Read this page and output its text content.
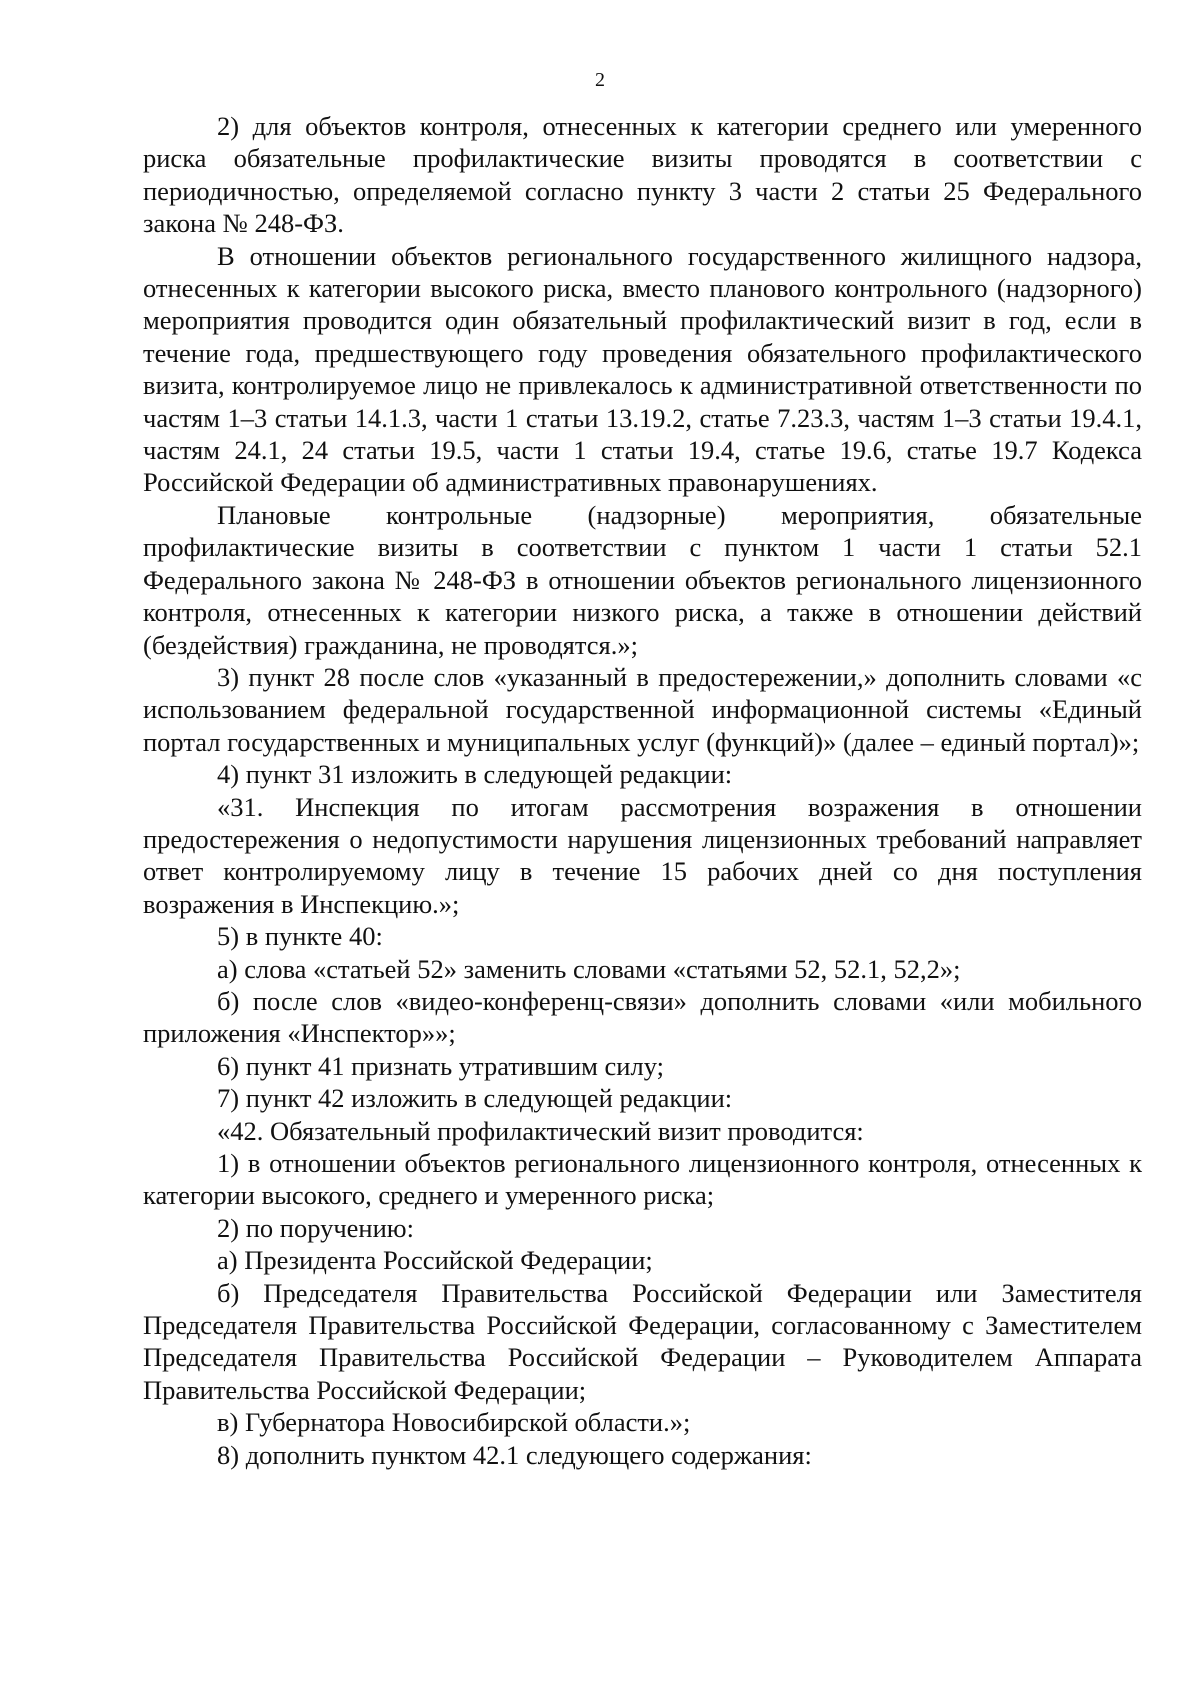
2

2) для объектов контроля, отнесенных к категории среднего или умеренного риска обязательные профилактические визиты проводятся в соответствии с периодичностью, определяемой согласно пункту 3 части 2 статьи 25 Федерального закона № 248-ФЗ.

В отношении объектов регионального государственного жилищного надзора, отнесенных к категории высокого риска, вместо планового контрольного (надзорного) мероприятия проводится один обязательный профилактический визит в год, если в течение года, предшествующего году проведения обязательного профилактического визита, контролируемое лицо не привлекалось к административной ответственности по частям 1–3 статьи 14.1.3, части 1 статьи 13.19.2, статье 7.23.3, частям 1–3 статьи 19.4.1, частям 24.1, 24 статьи 19.5, части 1 статьи 19.4, статье 19.6, статье 19.7 Кодекса Российской Федерации об административных правонарушениях.

Плановые контрольные (надзорные) мероприятия, обязательные профилактические визиты в соответствии с пунктом 1 части 1 статьи 52.1 Федерального закона № 248-ФЗ в отношении объектов регионального лицензионного контроля, отнесенных к категории низкого риска, а также в отношении действий (бездействия) гражданина, не проводятся.»;

3) пункт 28 после слов «указанный в предостережении,» дополнить словами «с использованием федеральной государственной информационной системы «Единый портал государственных и муниципальных услуг (функций)» (далее – единый портал)»;

4) пункт 31 изложить в следующей редакции:

«31. Инспекция по итогам рассмотрения возражения в отношении предостережения о недопустимости нарушения лицензионных требований направляет ответ контролируемому лицу в течение 15 рабочих дней со дня поступления возражения в Инспекцию.»;

5) в пункте 40:

а) слова «статьей 52» заменить словами «статьями 52, 52.1, 52,2»;

б) после слов «видео-конференц-связи» дополнить словами «или мобильного приложения «Инспектор»»;

6) пункт 41 признать утратившим силу;

7) пункт 42 изложить в следующей редакции:

«42. Обязательный профилактический визит проводится:

1) в отношении объектов регионального лицензионного контроля, отнесенных к категории высокого, среднего и умеренного риска;

2) по поручению:

а) Президента Российской Федерации;

б) Председателя Правительства Российской Федерации или Заместителя Председателя Правительства Российской Федерации, согласованному с Заместителем Председателя Правительства Российской Федерации – Руководителем Аппарата Правительства Российской Федерации;

в) Губернатора Новосибирской области.»;

8) дополнить пунктом 42.1 следующего содержания:
